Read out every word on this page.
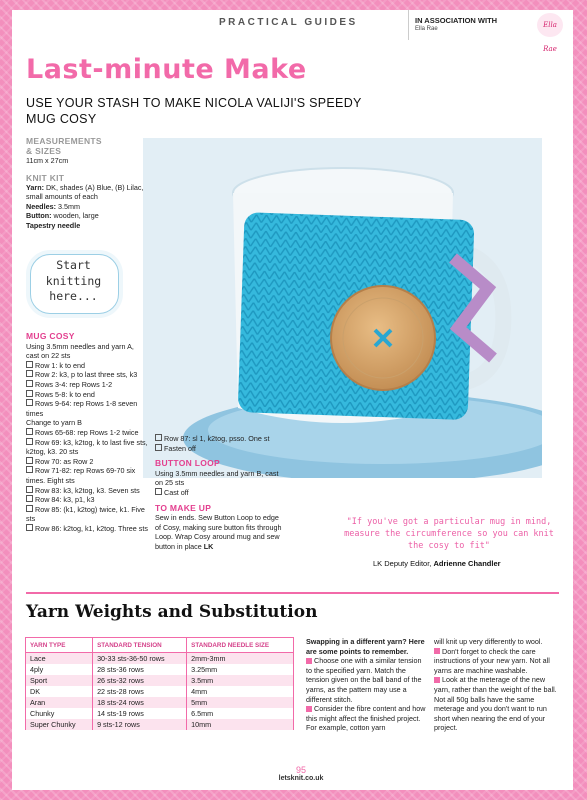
PRACTICAL GUIDES	IN ASSOCIATION WITH
Ella Rae	Ella Rae
Last-minute Make
USE YOUR STASH TO MAKE NICOLA VALIJI'S SPEEDY MUG COSY
MEASUREMENTS
& SIZES

11cm x 27cm

KNIT KIT

Yarn: DK, shades (A) Blue, (B) Lilac, small amounts of each
Needles: 3.5mm
Button: wooden, large
Tapestry needle

Start
knitting
here...
MUG COSY
Using 3.5mm needles and yarn A, cast on 22 sts
Row 1: k to end
Row 2: k3, p to last three sts, k3
Rows 3-4: rep Rows 1-2
Rows 5-8: k to end
Rows 9-64: rep Rows 1-8 seven times
Change to yarn B
Rows 65-68: rep Rows 1-2 twice
Row 69: k3, k2tog, k to last five sts, k2tog, k3. 20 sts
Row 70: as Row 2
Row 71-82: rep Rows 69-70 six times. Eight sts
Row 83: k3, k2tog, k3. Seven sts
Row 84: k3, p1, k3
Row 85: (k1, k2tog) twice, k1. Five sts
Row 86: k2tog, k1, k2tog. Three sts
Row 87: sl 1, k2tog, psso. One st
Fasten off
BUTTON LOOP
Using 3.5mm needles and yarn B, cast on 25 sts
Cast off
TO MAKE UP
Sew in ends. Sew Button Loop to edge of Cosy, making sure button fits through Loop. Wrap Cosy around mug and sew button in place LK
"If you've got a particular mug in mind, measure the circumference so you can knit the cosy to fit"
LK Deputy Editor, Adrienne Chandler
Yarn Weights and Substitution
YARN TYPE	STANDARD TENSION	STANDARD NEEDLE SIZE
Lace	30-33 sts-36-50 rows	2mm-3mm
4ply	28 sts-36 rows	3.25mm
Sport	26 sts-32 rows	3.5mm
DK	22 sts-28 rows	4mm
Aran	18 sts-24 rows	5mm
Chunky	14 sts-19 rows	6.5mm
Super Chunky	9 sts-12 rows	10mm
Swapping in a different yarn? Here are some points to remember.
Choose one with a similar tension to the specified yarn. Match the tension given on the ball band of the yarns, as the pattern may use a different stitch.
Consider the fibre content and how this might affect the finished project. For example, cotton yarn
will knit up very differently to wool.
Don't forget to check the care instructions of your new yarn. Not all yarns are machine washable.
Look at the meterage of the new yarn, rather than the weight of the ball. Not all 50g balls have the same meterage and you don't want to run short when nearing the end of your project.
95
letsknit.co.uk
